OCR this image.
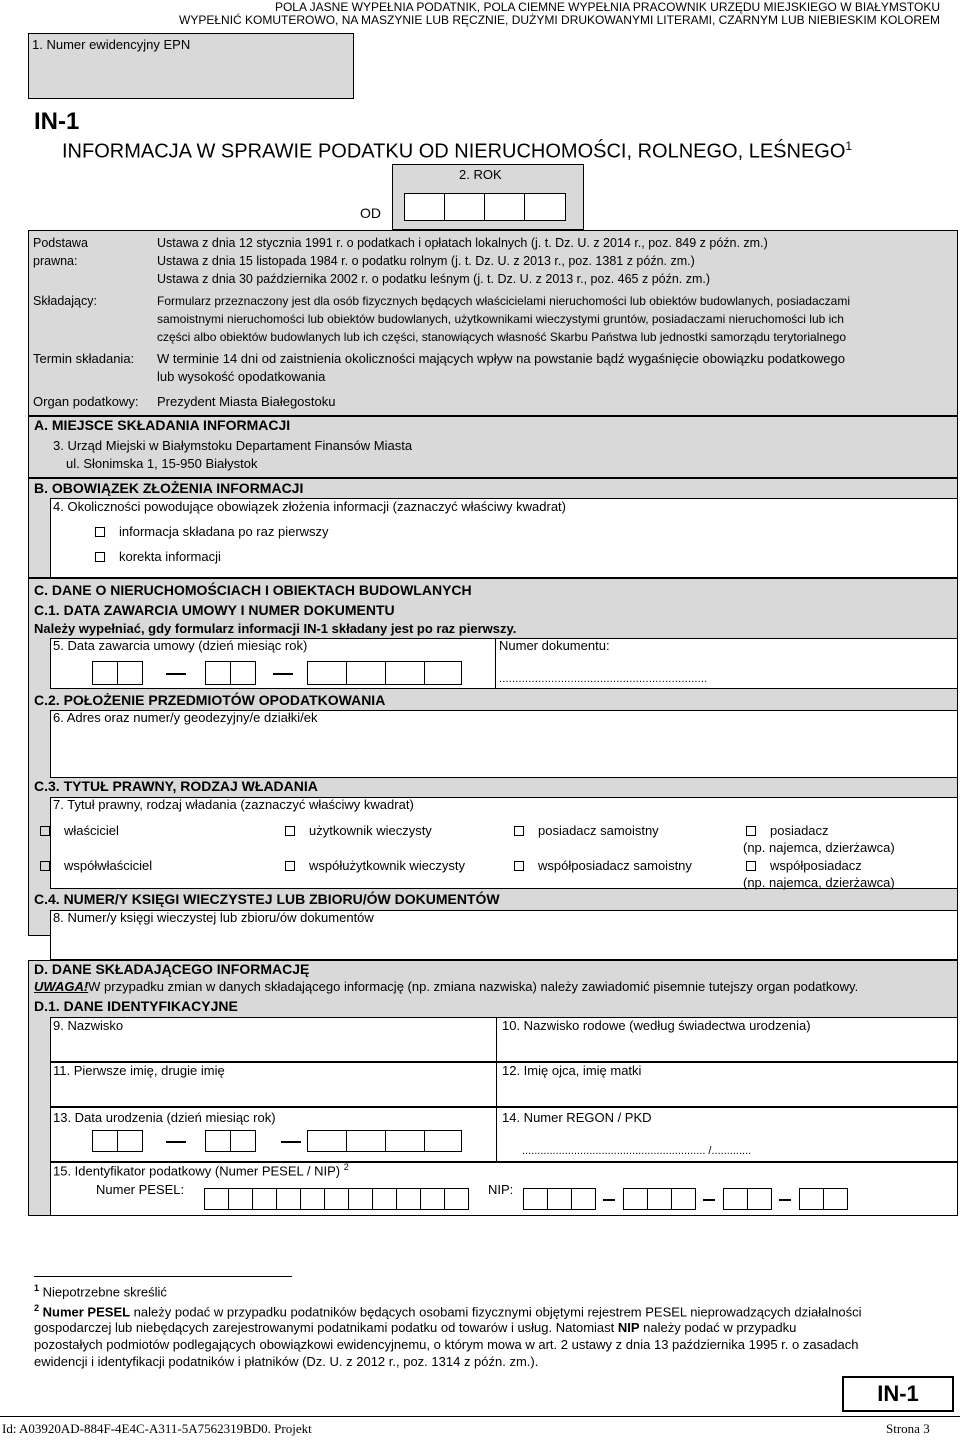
POLA JASNE WYPEŁNIA PODATNIK, POLA CIEMNE WYPEŁNIA PRACOWNIK URZĘDU MIEJSKIEGO W BIAŁYMSTOKU
WYPEŁNIĆ KOMUTEROWO, NA MASZYNIE LUB RĘCZNIE, DUŻYMI DRUKOWANYMI LITERAMI, CZARNYM LUB NIEBIESKIM KOLOREM
1. Numer ewidencyjny EPN
IN-1
INFORMACJA W SPRAWIE PODATKU OD NIERUCHOMOŚCI, ROLNEGO, LEŚNEGO$^1$
2. ROK
OD
Podstawa
prawna:
Ustawa z dnia 12 stycznia 1991 r. o podatkach i opłatach lokalnych (j. t. Dz. U. z 2014 r., poz. 849 z późn. zm.)
Ustawa z dnia 15 listopada 1984 r. o podatku rolnym (j. t. Dz. U. z 2013 r., poz. 1381 z późn. zm.)
Ustawa z dnia 30 października 2002 r. o podatku leśnym (j. t. Dz. U. z 2013 r., poz. 465 z późn. zm.)
Składający:	Formularz przeznaczony jest dla osób fizycznych będących właścicielami nieruchomości lub obiektów budowlanych, posiadaczami
samoistnymi nieruchomości lub obiektów budowlanych, użytkownikami wieczystymi gruntów, posiadaczami nieruchomości lub ich
części albo obiektów budowlanych lub ich części, stanowiących własność Skarbu Państwa lub jednostki samorządu terytorialnego
Termin składania: W terminie 14 dni od zaistnienia okoliczności mających wpływ na powstanie bądź wygaśnięcie obowiązku podatkowego
lub wysokość opodatkowania
Organ podatkowy: Prezydent Miasta Białegostoku
A. MIEJSCE SKŁADANIA INFORMACJI
3. Urząd Miejski w Białymstoku Departament Finansów Miasta
ul. Słonimska 1, 15-950 Białystok
B. OBOWIĄZEK ZŁOŻENIA INFORMACJI
4. Okoliczności powodujące obowiązek złożenia informacji (zaznaczyć właściwy kwadrat)
informacja składana po raz pierwszy
korekta informacji
C. DANE O NIERUCHOMOŚCIACH I OBIEKTACH BUDOWLANYCH
C.1. DATA ZAWARCIA UMOWY I NUMER DOKUMENTU
Należy wypełniać, gdy formularz informacji IN-1 składany jest po raz pierwszy.
5. Data zawarcia umowy (dzień miesiąc rok)	Numer dokumentu:
................................................................
C.2. POŁOŻENIE PRZEDMIOTÓW OPODATKOWANIA
6. Adres oraz numer/y geodezyjny/e działki/ek
C.3. TYTUŁ PRAWNY, RODZAJ WŁADANIA
7. Tytuł prawny, rodzaj władania (zaznaczyć właściwy kwadrat)
właściciel	użytkownik wieczysty	posiadacz samoistny	posiadacz
(np. najemca, dzierżawca)
współwłaściciel	współużytkownik wieczysty	współposiadacz samoistny	współposiadacz
(np. najemca, dzierżawca)
C.4. NUMER/Y KSIĘGI WIECZYSTEJ LUB ZBIORU/ÓW DOKUMENTÓW
8. Numer/y księgi wieczystej lub zbioru/ów dokumentów
D. DANE SKŁADAJĄCEGO INFORMACJĘ
UWAGA!W przypadku zmian w danych składającego informację (np. zmiana nazwiska) należy zawiadomić pisemnie tutejszy organ podatkowy.
D.1. DANE IDENTYFIKACYJNE
9. Nazwisko	10. Nazwisko rodowe (według świadectwa urodzenia)
11. Pierwsze imię, drugie imię	12. Imię ojca, imię matki
13. Data urodzenia (dzień miesiąc rok)	14. Numer REGON / PKD
............................................................ /.............
15. Identyfikator podatkowy (Numer PESEL / NIP) $^2$
Numer PESEL:	NIP:
$^1$ Niepotrzebne skreślić
$^2$ Numer PESEL należy podać w przypadku podatników będących osobami fizycznymi objętymi rejestrem PESEL nieprowadzących działalności
gospodarczej lub niebędących zarejestrowanymi podatnikami podatku od towarów i usług. Natomiast NIP należy podać w przypadku
pozostałych podmiotów podlegających obowiązkowi ewidencyjnemu, o którym mowa w art. 2 ustawy z dnia 13 października 1995 r. o zasadach
ewidencji i identyfikacji podatników i płatników (Dz. U. z 2012 r., poz. 1314 z późn. zm.).
IN-1
Id: A03920AD-884F-4E4C-A311-5A7562319BD0. Projekt	Strona 3
